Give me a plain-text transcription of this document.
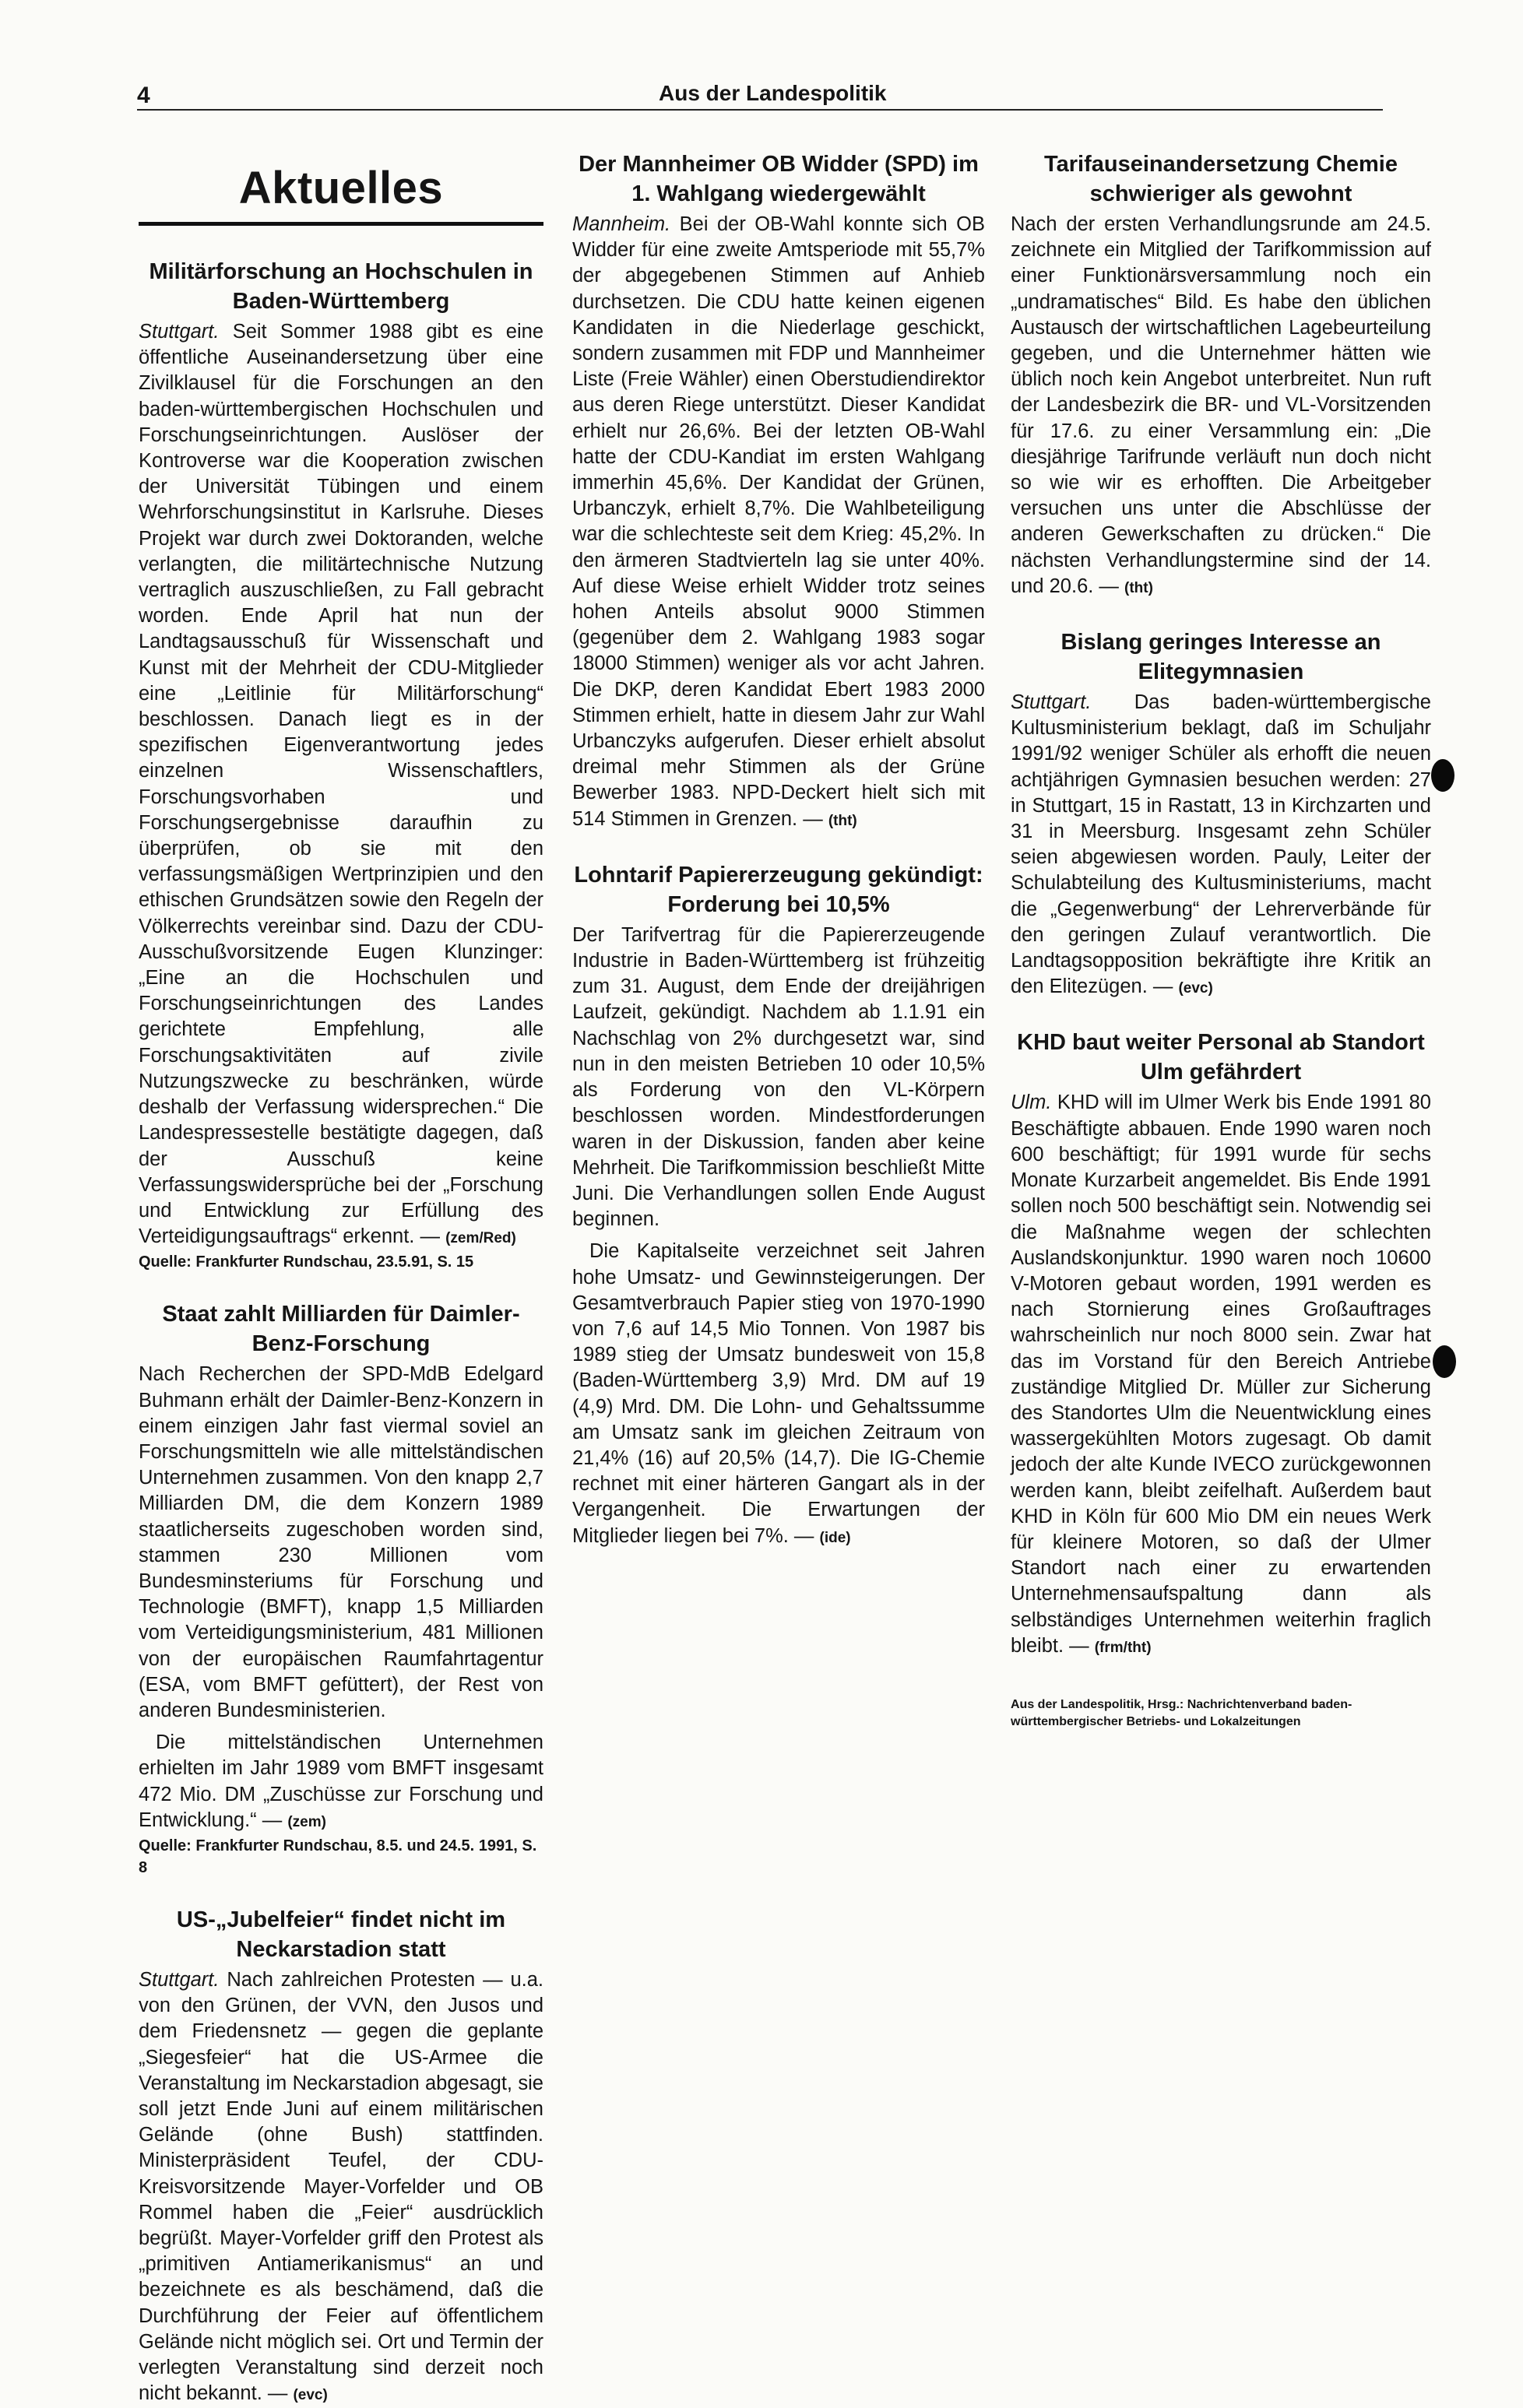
4	Aus der Landespolitik
Aktuelles
Militärforschung an Hochschulen in Baden-Württemberg

Stuttgart. Seit Sommer 1988 gibt es eine öffentliche Auseinandersetzung über eine Zivilklausel für die Forschungen an den baden-württembergischen Hochschulen und Forschungseinrichtungen. Auslöser der Kontroverse war die Kooperation zwischen der Universität Tübingen und einem Wehrforschungsinstitut in Karlsruhe. Dieses Projekt war durch zwei Doktoranden, welche verlangten, die militärtechnische Nutzung vertraglich auszuschließen, zu Fall gebracht worden. Ende April hat nun der Landtagsausschuß für Wissenschaft und Kunst mit der Mehrheit der CDU-Mitglieder eine „Leitlinie für Militärforschung“ beschlossen. Danach liegt es in der spezifischen Eigenverantwortung jedes einzelnen Wissenschaftlers, Forschungsvorhaben und Forschungsergebnisse daraufhin zu überprüfen, ob sie mit den verfassungsmäßigen Wertprinzipien und den ethischen Grundsätzen sowie den Regeln der Völkerrechts vereinbar sind. Dazu der CDU-Ausschußvorsitzende Eugen Klunzinger: „Eine an die Hochschulen und Forschungseinrichtungen des Landes gerichtete Empfehlung, alle Forschungsaktivitäten auf zivile Nutzungszwecke zu beschränken, würde deshalb der Verfassung widersprechen.“ Die Landespressestelle bestätigte dagegen, daß der Ausschuß keine Verfassungswidersprüche bei der „Forschung und Entwicklung zur Erfüllung des Verteidigungsauftrags“ erkennt. — (zem/Red)

Quelle: Frankfurter Rundschau, 23.5.91, S. 15

Staat zahlt Milliarden für Daimler-Benz-Forschung

Nach Recherchen der SPD-MdB Edelgard Buhmann erhält der Daimler-Benz-Konzern in einem einzigen Jahr fast viermal soviel an Forschungsmitteln wie alle mittelständischen Unternehmen zusammen. Von den knapp 2,7 Milliarden DM, die dem Konzern 1989 staatlicherseits zugeschoben worden sind, stammen 230 Millionen vom Bundesminsteriums für Forschung und Technologie (BMFT), knapp 1,5 Milliarden vom Verteidigungsministerium, 481 Millionen von der europäischen Raumfahrtagentur (ESA, vom BMFT gefüttert), der Rest von anderen Bundesministerien.

Die mittelständischen Unternehmen erhielten im Jahr 1989 vom BMFT insgesamt 472 Mio. DM „Zuschüsse zur Forschung und Entwicklung.“ — (zem)

Quelle: Frankfurter Rundschau, 8.5. und 24.5. 1991, S. 8

US-„Jubelfeier“ findet nicht im Neckarstadion statt

Stuttgart. Nach zahlreichen Protesten — u.a. von den Grünen, der VVN, den Jusos und dem Friedensnetz — gegen die geplante „Siegesfeier“ hat die US-Armee die Veranstaltung im Neckarstadion abgesagt, sie soll jetzt Ende Juni auf einem militärischen Gelände (ohne Bush) stattfinden. Ministerpräsident Teufel, der CDU-Kreisvorsitzende Mayer-Vorfelder und OB Rommel haben die „Feier“ ausdrücklich begrüßt. Mayer-Vorfelder griff den Protest als „primitiven Antiamerikanismus“ an und bezeichnete es als beschämend, daß die Durchführung der Feier auf öffentlichem Gelände nicht möglich sei. Ort und Termin der verlegten Veranstaltung sind derzeit noch nicht bekannt. — (evc)

Der Mannheimer OB Widder (SPD) im 1. Wahlgang wiedergewählt

Mannheim. Bei der OB-Wahl konnte sich OB Widder für eine zweite Amtsperiode mit 55,7% der abgegebenen Stimmen auf Anhieb durchsetzen. Die CDU hatte keinen eigenen Kandidaten in die Niederlage geschickt, sondern zusammen mit FDP und Mannheimer Liste (Freie Wähler) einen Oberstudiendirektor aus deren Riege unterstützt. Dieser Kandidat erhielt nur 26,6%. Bei der letzten OB-Wahl hatte der CDU-Kandiat im ersten Wahlgang immerhin 45,6%. Der Kandidat der Grünen, Urbanczyk, erhielt 8,7%. Die Wahlbeteiligung war die schlechteste seit dem Krieg: 45,2%. In den ärmeren Stadtvierteln lag sie unter 40%. Auf diese Weise erhielt Widder trotz seines hohen Anteils absolut 9000 Stimmen (gegenüber dem 2. Wahlgang 1983 sogar 18000 Stimmen) weniger als vor acht Jahren. Die DKP, deren Kandidat Ebert 1983 2000 Stimmen erhielt, hatte in diesem Jahr zur Wahl Urbanczyks aufgerufen. Dieser erhielt absolut dreimal mehr Stimmen als der Grüne Bewerber 1983. NPD-Deckert hielt sich mit 514 Stimmen in Grenzen. — (tht)

Lohntarif Papiererzeugung gekündigt: Forderung bei 10,5%

Der Tarifvertrag für die Papiererzeugende Industrie in Baden-Württemberg ist frühzeitig zum 31. August, dem Ende der dreijährigen Laufzeit, gekündigt. Nachdem ab 1.1.91 ein Nachschlag von 2% durchgesetzt war, sind nun in den meisten Betrieben 10 oder 10,5% als Forderung von den VL-Körpern beschlossen worden. Mindestforderungen waren in der Diskussion, fanden aber keine Mehrheit. Die Tarifkommission beschließt Mitte Juni. Die Verhandlungen sollen Ende August beginnen.

Die Kapitalseite verzeichnet seit Jahren hohe Umsatz- und Gewinnsteigerungen. Der Gesamtverbrauch Papier stieg von 1970-1990 von 7,6 auf 14,5 Mio Tonnen. Von 1987 bis 1989 stieg der Umsatz bundesweit von 15,8 (Baden-Württemberg 3,9) Mrd. DM auf 19 (4,9) Mrd. DM. Die Lohn- und Gehaltssumme am Umsatz sank im gleichen Zeitraum von 21,4% (16) auf 20,5% (14,7). Die IG-Chemie rechnet mit einer härteren Gangart als in der Vergangenheit. Die Erwartungen der Mitglieder liegen bei 7%. — (ide)

Tarifauseinandersetzung Chemie schwieriger als gewohnt

Nach der ersten Verhandlungsrunde am 24.5. zeichnete ein Mitglied der Tarifkommission auf einer Funktionärsversammlung noch ein „undramatisches“ Bild. Es habe den üblichen Austausch der wirtschaftlichen Lagebeurteilung gegeben, und die Unternehmer hätten wie üblich noch kein Angebot unterbreitet. Nun ruft der Landesbezirk die BR- und VL-Vorsitzenden für 17.6. zu einer Versammlung ein: „Die diesjährige Tarifrunde verläuft nun doch nicht so wie wir es erhofften. Die Arbeitgeber versuchen uns unter die Abschlüsse der anderen Gewerkschaften zu drücken.“ Die nächsten Verhandlungstermine sind der 14. und 20.6. — (tht)

Bislang geringes Interesse an Elitegymnasien

Stuttgart. Das baden-württembergische Kultusministerium beklagt, daß im Schuljahr 1991/92 weniger Schüler als erhofft die neuen achtjährigen Gymnasien besuchen werden: 27 in Stuttgart, 15 in Rastatt, 13 in Kirchzarten und 31 in Meersburg. Insgesamt zehn Schüler seien abgewiesen worden. Pauly, Leiter der Schulabteilung des Kultusministeriums, macht die „Gegenwerbung“ der Lehrerverbände für den geringen Zulauf verantwortlich. Die Landtagsopposition bekräftigte ihre Kritik an den Elitezügen. — (evc)

KHD baut weiter Personal ab Standort Ulm gefährdert

Ulm. KHD will im Ulmer Werk bis Ende 1991 80 Beschäftigte abbauen. Ende 1990 waren noch 600 beschäftigt; für 1991 wurde für sechs Monate Kurzarbeit angemeldet. Bis Ende 1991 sollen noch 500 beschäftigt sein. Notwendig sei die Maßnahme wegen der schlechten Auslandskonjunktur. 1990 waren noch 10600 V-Motoren gebaut worden, 1991 werden es nach Stornierung eines Großauftrages wahrscheinlich nur noch 8000 sein. Zwar hat das im Vorstand für den Bereich Antriebe zuständige Mitglied Dr. Müller zur Sicherung des Standortes Ulm die Neuentwicklung eines wassergekühlten Motors zugesagt. Ob damit jedoch der alte Kunde IVECO zurückgewonnen werden kann, bleibt zeifelhaft. Außerdem baut KHD in Köln für 600 Mio DM ein neues Werk für kleinere Motoren, so daß der Ulmer Standort nach einer zu erwartenden Unternehmensaufspaltung dann als selbständiges Unternehmen weiterhin fraglich bleibt. — (frm/tht)

Aus der Landespolitik, Hrsg.: Nachrichtenverband baden-württembergischer Betriebs- und Lokalzeitungen
